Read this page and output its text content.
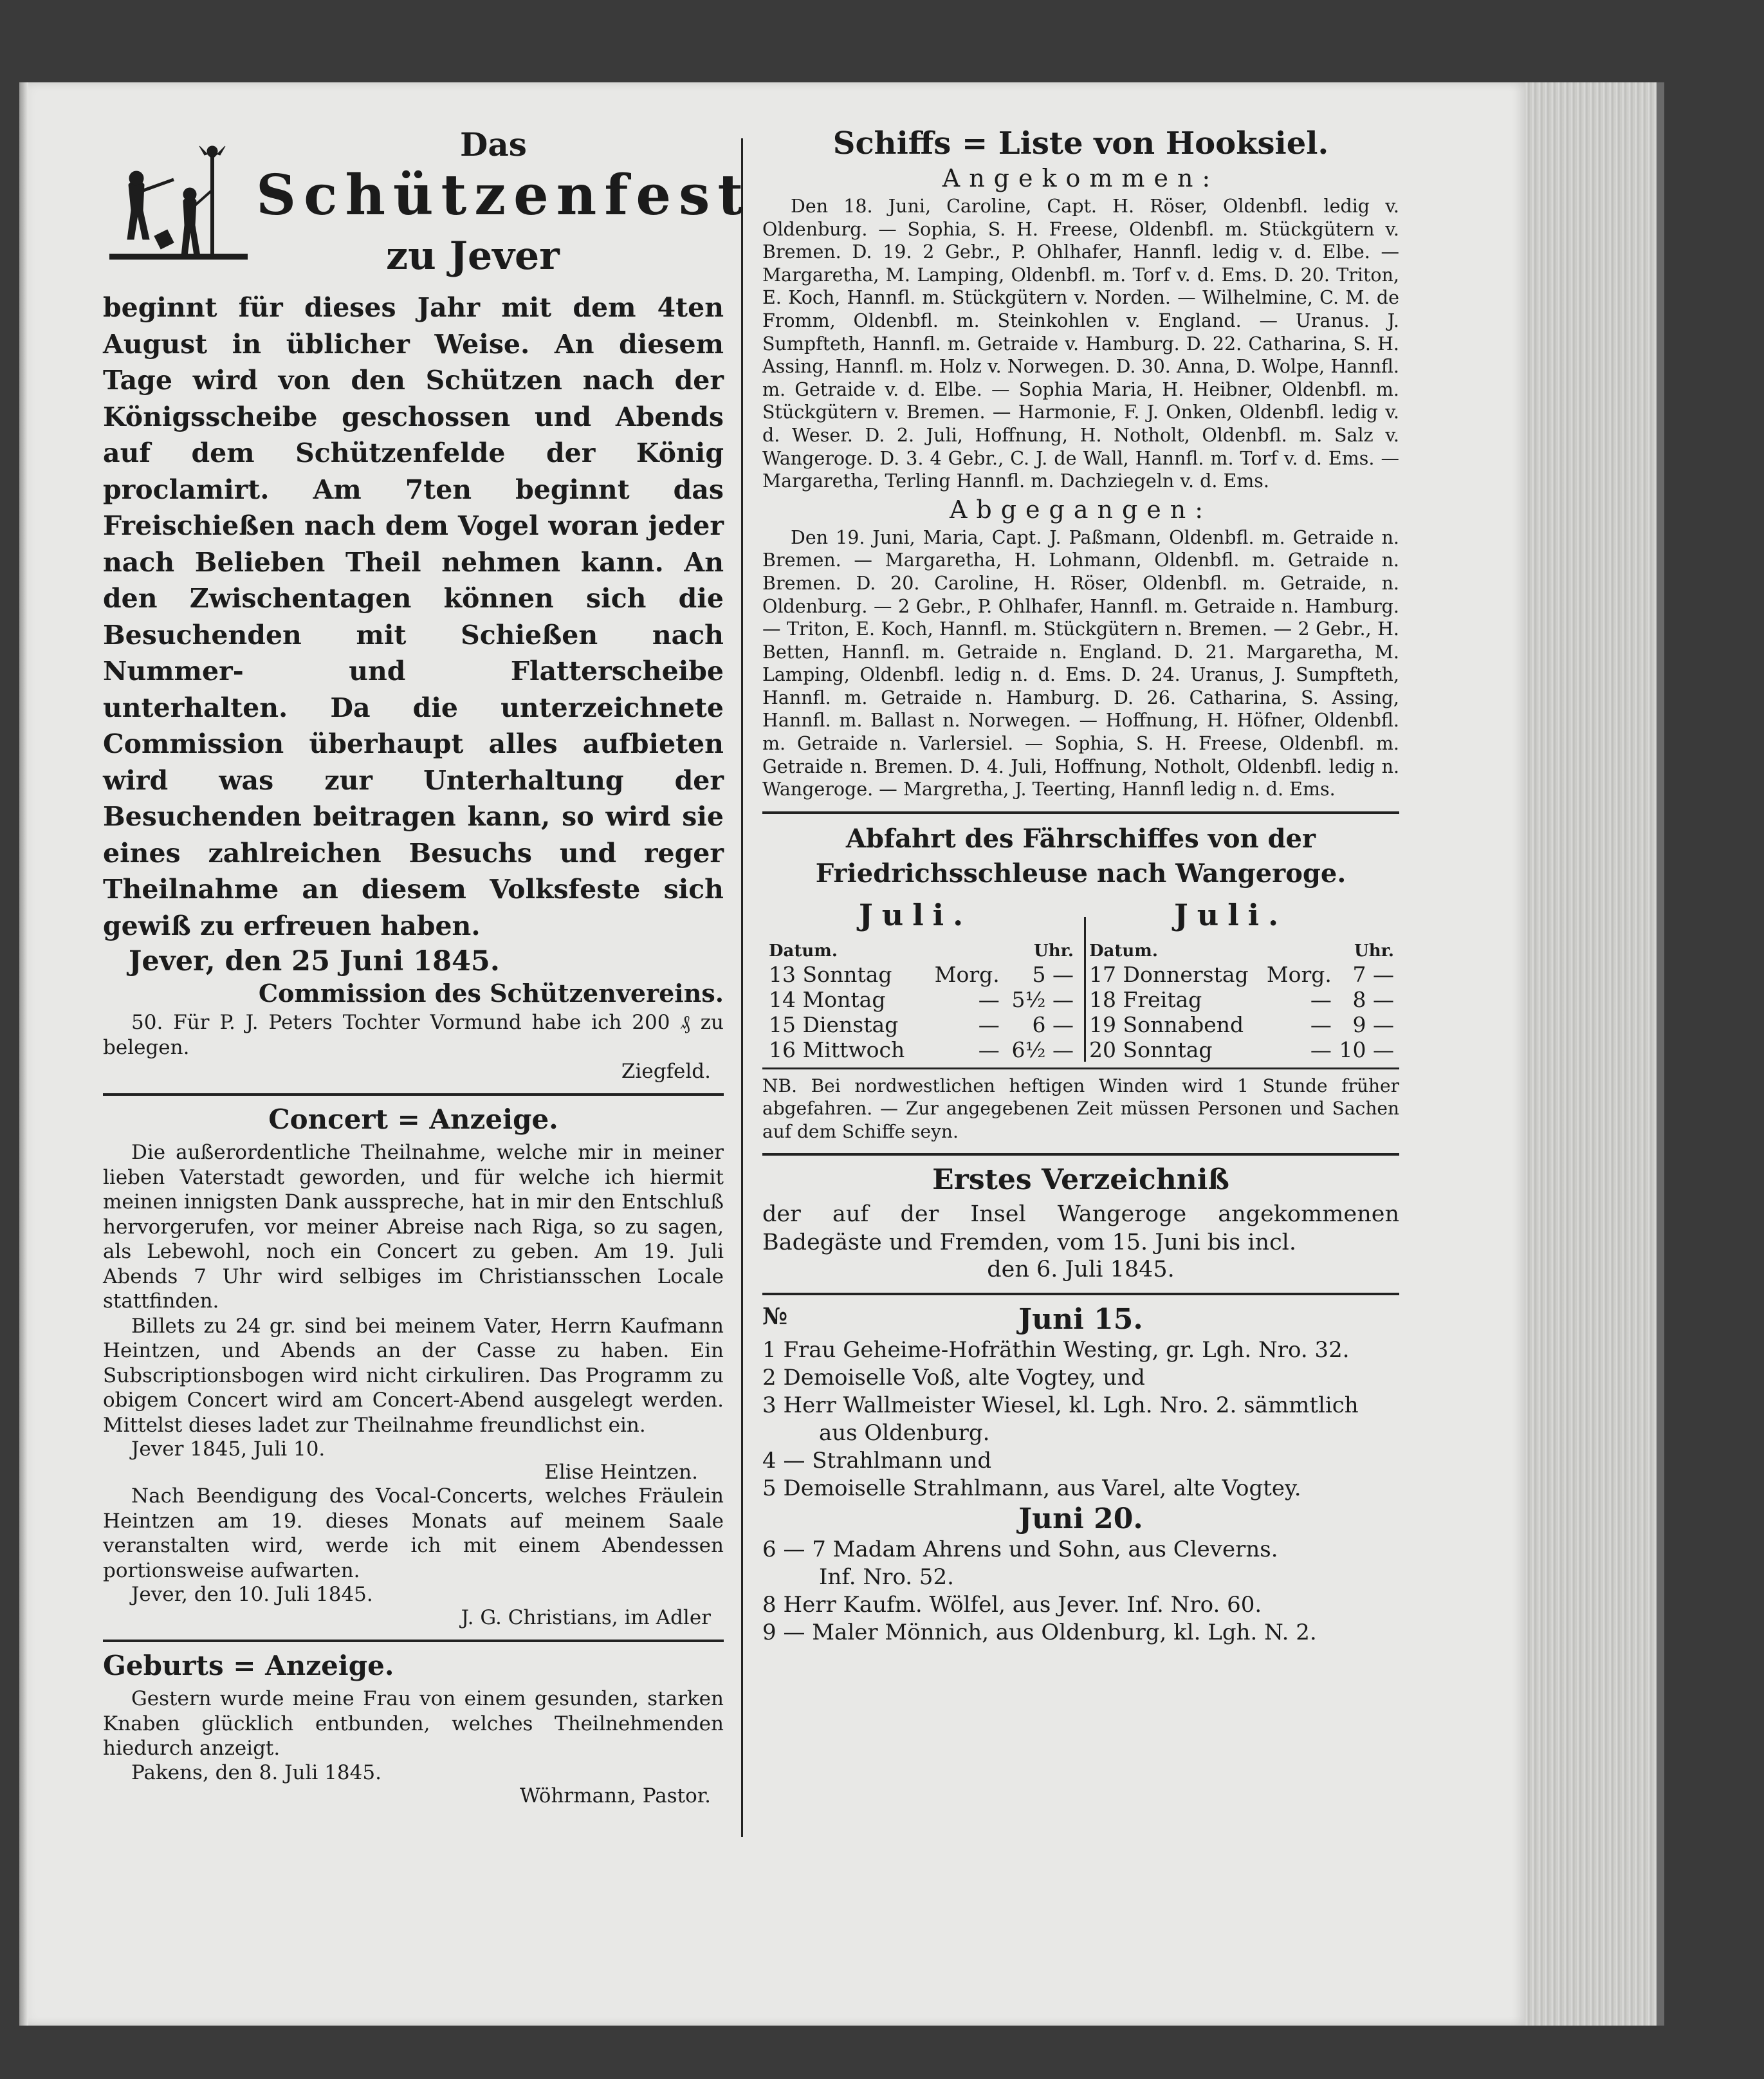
Das
Schützenfest
zu Jever

beginnt für dieses Jahr mit dem 4ten August in üblicher Weise. An diesem Tage wird von den Schützen nach der Königsscheibe geschossen und Abends auf dem Schützenfelde der König proclamirt. Am 7ten beginnt das Freischießen nach dem Vogel woran jeder nach Belieben Theil nehmen kann. An den Zwischentagen können sich die Besuchenden mit Schießen nach Nummer- und Flatterscheibe unterhalten. Da die unterzeichnete Commission überhaupt alles aufbieten wird was zur Unterhaltung der Besuchenden beitragen kann, so wird sie eines zahlreichen Besuchs und reger Theilnahme an diesem Volksfeste sich gewiß zu erfreuen haben.

Jever, den 25 Juni 1845.

Commission des Schützenvereins.

50. Für P. J. Peters Tochter Vormund habe ich 200 ₰ zu belegen.

Ziegfeld.

Concert = Anzeige.

Die außerordentliche Theilnahme, welche mir in meiner lieben Vaterstadt geworden, und für welche ich hiermit meinen innigsten Dank ausspreche, hat in mir den Entschluß hervorgerufen, vor meiner Abreise nach Riga, so zu sagen, als Lebewohl, noch ein Concert zu geben. Am 19. Juli Abends 7 Uhr wird selbiges im Christiansschen Locale stattfinden.

Billets zu 24 gr. sind bei meinem Vater, Herrn Kaufmann Heintzen, und Abends an der Casse zu haben. Ein Subscriptionsbogen wird nicht cirkuliren. Das Programm zu obigem Concert wird am Concert-Abend ausgelegt werden. Mittelst dieses ladet zur Theilnahme freundlichst ein.

Jever 1845, Juli 10.

Elise Heintzen.

Nach Beendigung des Vocal-Concerts, welches Fräulein Heintzen am 19. dieses Monats auf meinem Saale veranstalten wird, werde ich mit einem Abendessen portionsweise aufwarten.

Jever, den 10. Juli 1845.

J. G. Christians, im Adler

Geburts = Anzeige.

Gestern wurde meine Frau von einem gesunden, starken Knaben glücklich entbunden, welches Theilnehmenden hiedurch anzeigt.

Pakens, den 8. Juli 1845.

Wöhrmann, Pastor.

Schiffs = Liste von Hooksiel.

Angekommen:

Den 18. Juni, Caroline, Capt. H. Röser, Oldenbfl. ledig v. Oldenburg. — Sophia, S. H. Freese, Oldenbfl. m. Stückgütern v. Bremen. D. 19. 2 Gebr., P. Ohlhafer, Hannfl. ledig v. d. Elbe. — Margaretha, M. Lamping, Oldenbfl. m. Torf v. d. Ems. D. 20. Triton, E. Koch, Hannfl. m. Stückgütern v. Norden. — Wilhelmine, C. M. de Fromm, Oldenbfl. m. Steinkohlen v. England. — Uranus. J. Sumpfteth, Hannfl. m. Getraide v. Hamburg. D. 22. Catharina, S. H. Assing, Hannfl. m. Holz v. Norwegen. D. 30. Anna, D. Wolpe, Hannfl. m. Getraide v. d. Elbe. — Sophia Maria, H. Heibner, Oldenbfl. m. Stückgütern v. Bremen. — Harmonie, F. J. Onken, Oldenbfl. ledig v. d. Weser. D. 2. Juli, Hoffnung, H. Notholt, Oldenbfl. m. Salz v. Wangeroge. D. 3. 4 Gebr., C. J. de Wall, Hannfl. m. Torf v. d. Ems. — Margaretha, Terling Hannfl. m. Dachziegeln v. d. Ems.

Abgegangen:

Den 19. Juni, Maria, Capt. J. Paßmann, Oldenbfl. m. Getraide n. Bremen. — Margaretha, H. Lohmann, Oldenbfl. m. Getraide n. Bremen. D. 20. Caroline, H. Röser, Oldenbfl. m. Getraide, n. Oldenburg. — 2 Gebr., P. Ohlhafer, Hannfl. m. Getraide n. Hamburg. — Triton, E. Koch, Hannfl. m. Stückgütern n. Bremen. — 2 Gebr., H. Betten, Hannfl. m. Getraide n. England. D. 21. Margaretha, M. Lamping, Oldenbfl. ledig n. d. Ems. D. 24. Uranus, J. Sumpfteth, Hannfl. m. Getraide n. Hamburg. D. 26. Catharina, S. Assing, Hannfl. m. Ballast n. Norwegen. — Hoffnung, H. Höfner, Oldenbfl. m. Getraide n. Varlersiel. — Sophia, S. H. Freese, Oldenbfl. m. Getraide n. Bremen. D. 4. Juli, Hoffnung, Notholt, Oldenbfl. ledig n. Wangeroge. — Margretha, J. Teerting, Hannfl ledig n. d. Ems.

Abfahrt des Fährschiffes von der Friedrichsschleuse nach Wangeroge.

Juli.	Juli.
Datum.		Uhr.
13 Sonntag	Morg.	5 —
14 Montag	—	5½ —
15 Dienstag	—	6 —
16 Mittwoch	—	6½ —
Datum.		Uhr.
17 Donnerstag	Morg.	7 —
18 Freitag	—	8 —
19 Sonnabend	—	9 —
20 Sonntag	—	10 —

NB. Bei nordwestlichen heftigen Winden wird 1 Stunde früher abgefahren. — Zur angegebenen Zeit müssen Personen und Sachen auf dem Schiffe seyn.

Erstes Verzeichniß

der auf der Insel Wangeroge angekommenen Badegäste und Fremden, vom 15. Juni bis incl.

den 6. Juli 1845.

№	Juni 15.

1 Frau Geheime-Hofräthin Westing, gr. Lgh. Nro. 32.

2 Demoiselle Voß, alte Vogtey, und

3 Herr Wallmeister Wiesel, kl. Lgh. Nro. 2. sämmtlich

aus Oldenburg.

4 — Strahlmann und

5 Demoiselle Strahlmann, aus Varel, alte Vogtey.

Juni 20.

6 — 7 Madam Ahrens und Sohn, aus Cleverns.

Inf. Nro. 52.

8 Herr Kaufm. Wölfel, aus Jever. Inf. Nro. 60.

9 — Maler Mönnich, aus Oldenburg, kl. Lgh. N. 2.
